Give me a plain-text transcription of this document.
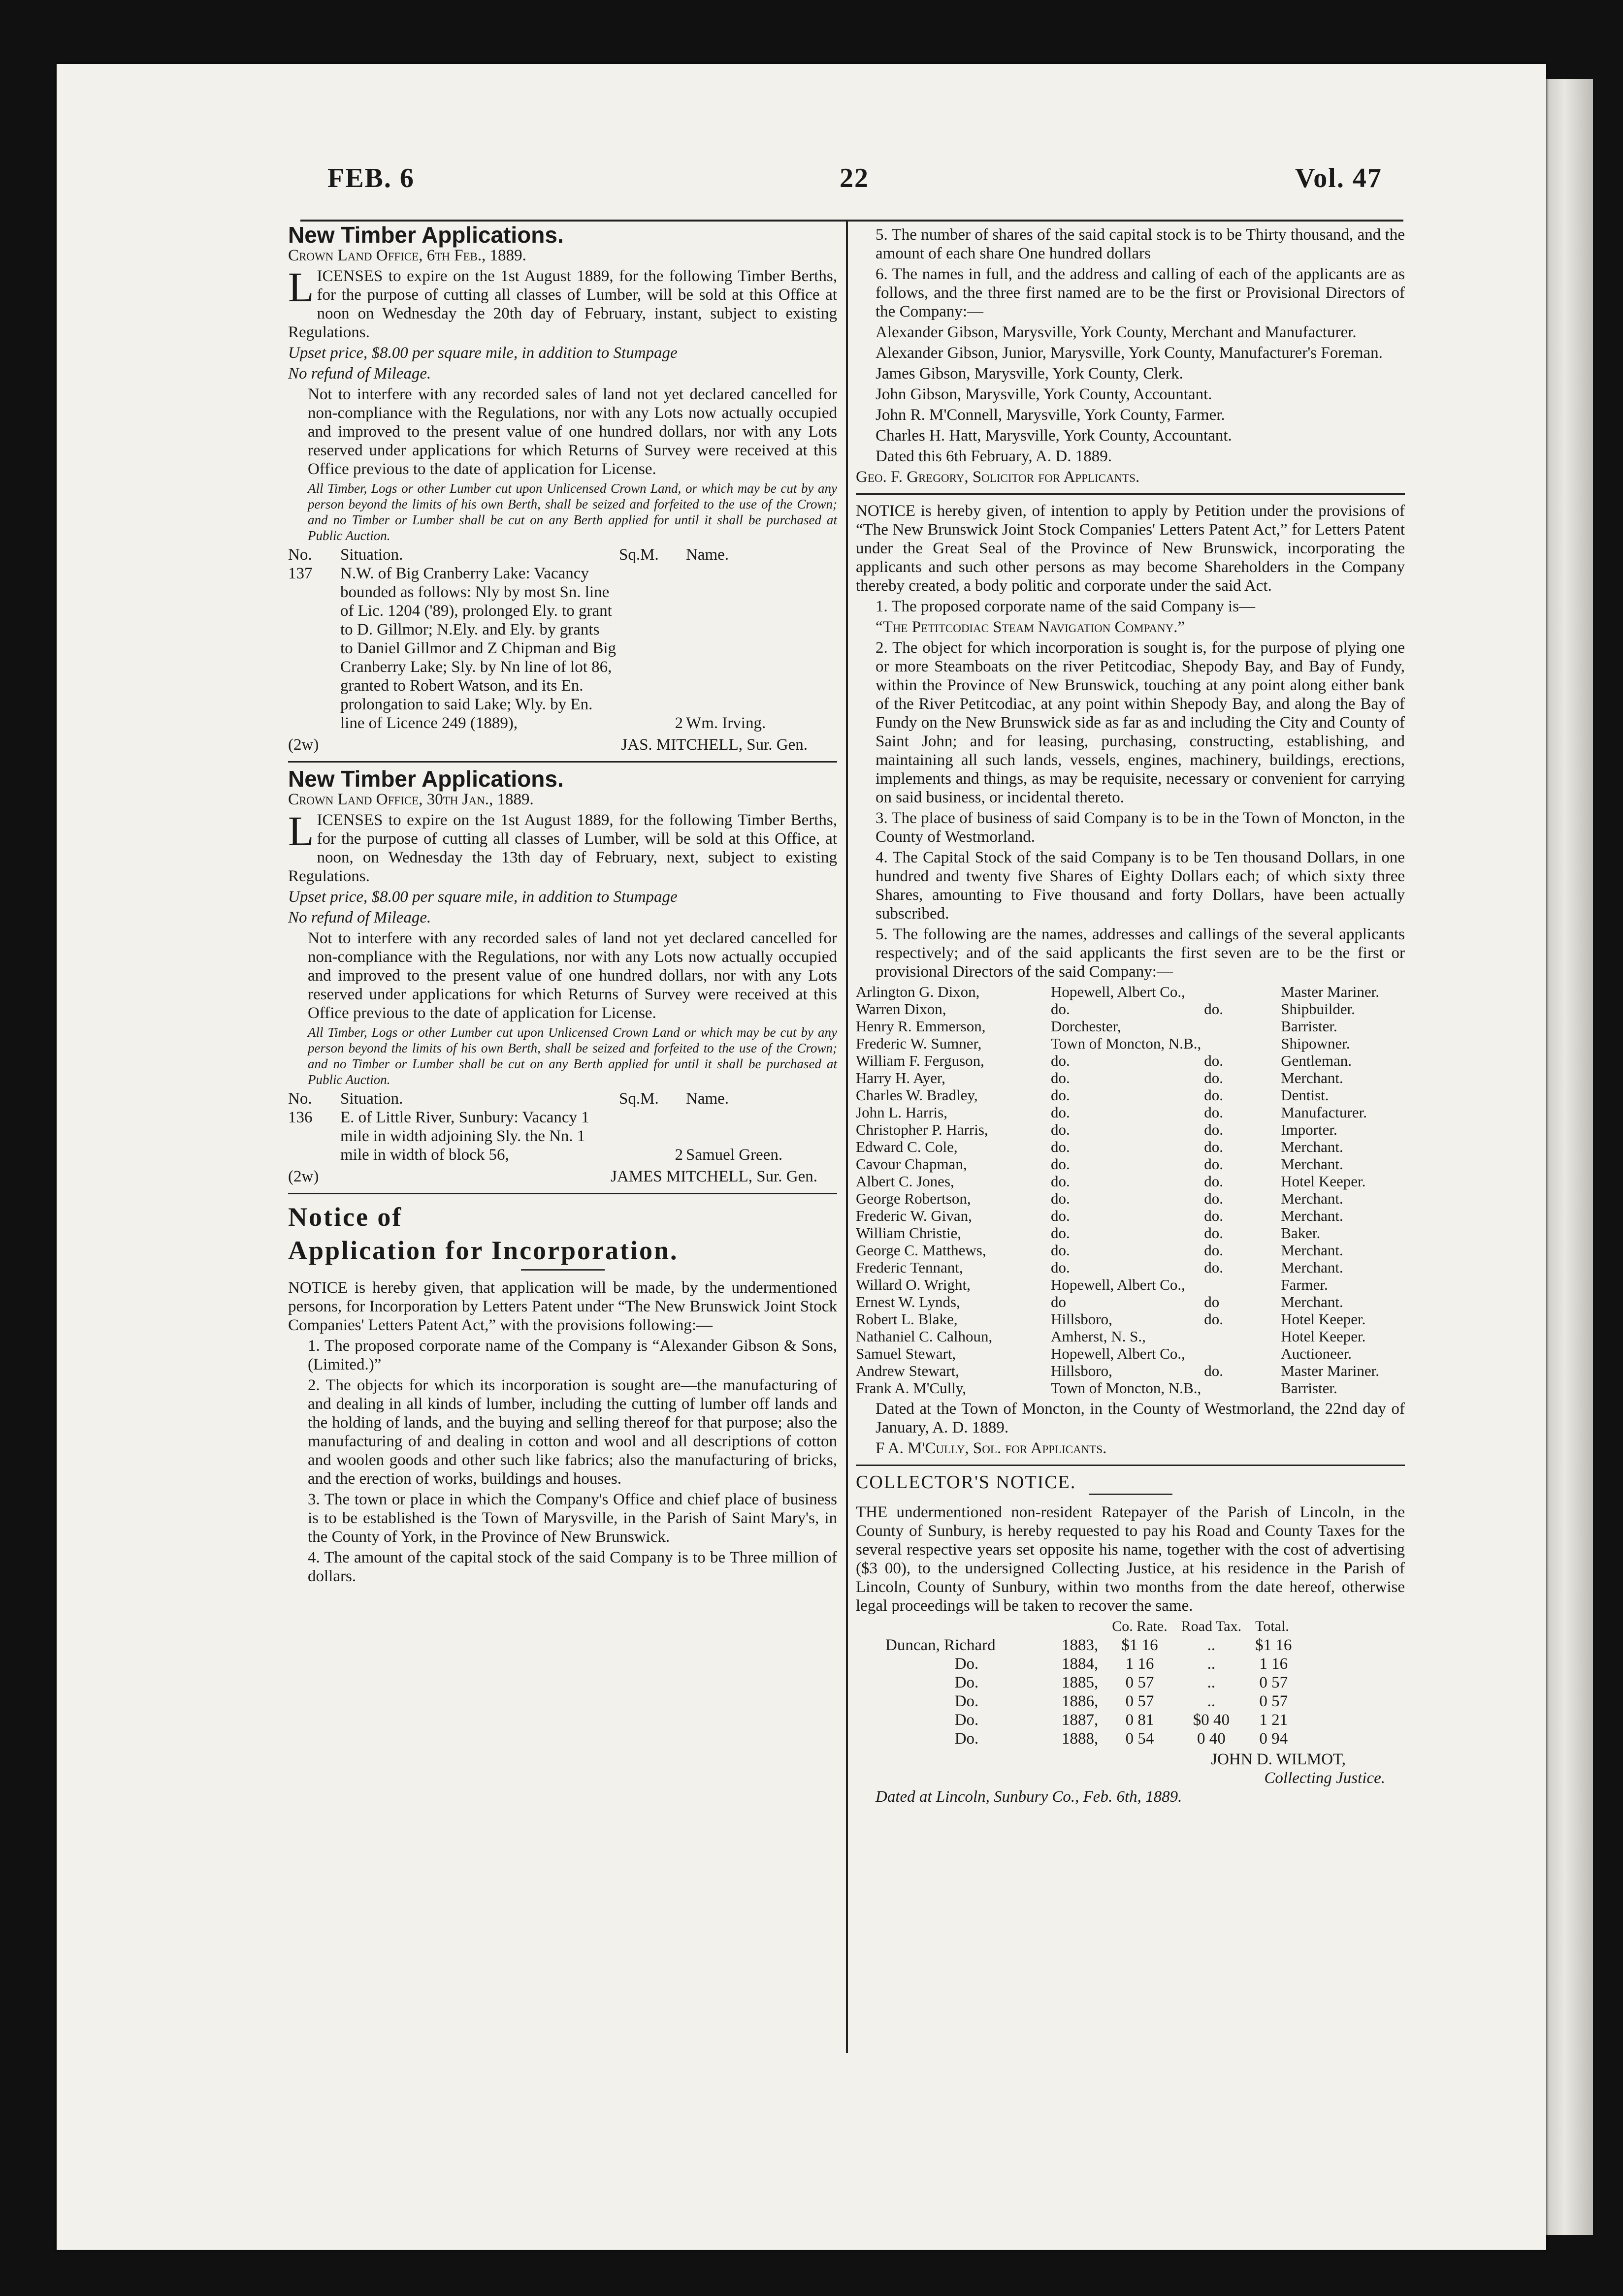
FEB. 6	22	Vol. 47

New Timber Applications.

Crown Land Office, 6th Feb., 1889.

LICENSES to expire on the 1st August 1889, for the following Timber Berths, for the purpose of cutting all classes of Lumber, will be sold at this Office at noon on Wednesday the 20th day of February, instant, subject to existing Regulations.

Upset price, $8.00 per square mile, in addition to Stumpage

No refund of Mileage.

Not to interfere with any recorded sales of land not yet declared cancelled for non-compliance with the Regulations, nor with any Lots now actually occupied and improved to the present value of one hundred dollars, nor with any Lots reserved under applications for which Returns of Survey were received at this Office previous to the date of application for License.

All Timber, Logs or other Lumber cut upon Unlicensed Crown Land, or which may be cut by any person beyond the limits of his own Berth, shall be seized and forfeited to the use of the Crown; and no Timber or Lumber shall be cut on any Berth applied for until it shall be purchased at Public Auction.

No.	Situation.	Sq.M.	Name.
137	N.W. of Big Cranberry Lake: Vacancy bounded as follows: Nly by most Sn. line of Lic. 1204 ('89), prolonged Ely. to grant to D. Gillmor; N.Ely. and Ely. by grants to Daniel Gillmor and Z Chipman and Big Cranberry Lake; Sly. by Nn line of lot 86, granted to Robert Watson, and its En. prolongation to said Lake; Wly. by En. line of Licence 249 (1889),	2	Wm. Irving.

(2w)	JAS. MITCHELL, Sur. Gen.

New Timber Applications.

Crown Land Office, 30th Jan., 1889.

LICENSES to expire on the 1st August 1889, for the following Timber Berths, for the purpose of cutting all classes of Lumber, will be sold at this Office, at noon, on Wednesday the 13th day of February, next, subject to existing Regulations.

Upset price, $8.00 per square mile, in addition to Stumpage

No refund of Mileage.

Not to interfere with any recorded sales of land not yet declared cancelled for non-compliance with the Regulations, nor with any Lots now actually occupied and improved to the present value of one hundred dollars, nor with any Lots reserved under applications for which Returns of Survey were received at this Office previous to the date of application for License.

All Timber, Logs or other Lumber cut upon Unlicensed Crown Land or which may be cut by any person beyond the limits of his own Berth, shall be seized and forfeited to the use of the Crown; and no Timber or Lumber shall be cut on any Berth applied for until it shall be purchased at Public Auction.

No.	Situation.	Sq.M.	Name.
136	E. of Little River, Sunbury: Vacancy 1 mile in width adjoining Sly. the Nn. 1 mile in width of block 56,	2	Samuel Green.

(2w)	JAMES MITCHELL, Sur. Gen.

Notice of

Application for Incorporation.

NOTICE is hereby given, that application will be made, by the undermentioned persons, for Incorporation by Letters Patent under “The New Brunswick Joint Stock Companies' Letters Patent Act,” with the provisions following:—

1. The proposed corporate name of the Company is “Alexander Gibson & Sons, (Limited.)”

2. The objects for which its incorporation is sought are—the manufacturing of and dealing in all kinds of lumber, including the cutting of lumber off lands and the holding of lands, and the buying and selling thereof for that purpose; also the manufacturing of and dealing in cotton and wool and all descriptions of cotton and woolen goods and other such like fabrics; also the manufacturing of bricks, and the erection of works, buildings and houses.

3. The town or place in which the Company's Office and chief place of business is to be established is the Town of Marysville, in the Parish of Saint Mary's, in the County of York, in the Province of New Brunswick.

4. The amount of the capital stock of the said Company is to be Three million of dollars.

5. The number of shares of the said capital stock is to be Thirty thousand, and the amount of each share One hundred dollars

6. The names in full, and the address and calling of each of the applicants are as follows, and the three first named are to be the first or Provisional Directors of the Company:—

Alexander Gibson, Marysville, York County, Merchant and Manufacturer.

Alexander Gibson, Junior, Marysville, York County, Manufacturer's Foreman.

James Gibson, Marysville, York County, Clerk.

John Gibson, Marysville, York County, Accountant.

John R. M'Connell, Marysville, York County, Farmer.

Charles H. Hatt, Marysville, York County, Accountant.

Dated this 6th February, A. D. 1889.

Geo. F. Gregory, Solicitor for Applicants.

NOTICE is hereby given, of intention to apply by Petition under the provisions of “The New Brunswick Joint Stock Companies' Letters Patent Act,” for Letters Patent under the Great Seal of the Province of New Brunswick, incorporating the applicants and such other persons as may become Shareholders in the Company thereby created, a body politic and corporate under the said Act.

1. The proposed corporate name of the said Company is—

“The Petitcodiac Steam Navigation Company.”

2. The object for which incorporation is sought is, for the purpose of plying one or more Steamboats on the river Petitcodiac, Shepody Bay, and Bay of Fundy, within the Province of New Brunswick, touching at any point along either bank of the River Petitcodiac, at any point within Shepody Bay, and along the Bay of Fundy on the New Brunswick side as far as and including the City and County of Saint John; and for leasing, purchasing, constructing, establishing, and maintaining all such lands, vessels, engines, machinery, buildings, erections, implements and things, as may be requisite, necessary or convenient for carrying on said business, or incidental thereto.

3. The place of business of said Company is to be in the Town of Moncton, in the County of Westmorland.

4. The Capital Stock of the said Company is to be Ten thousand Dollars, in one hundred and twenty five Shares of Eighty Dollars each; of which sixty three Shares, amounting to Five thousand and forty Dollars, have been actually subscribed.

5. The following are the names, addresses and callings of the several applicants respectively; and of the said applicants the first seven are to be the first or provisional Directors of the said Company:—

Arlington G. Dixon,	Hopewell, Albert Co.,		Master Mariner.
Warren Dixon,	do.	do.	Shipbuilder.
Henry R. Emmerson,	Dorchester,		Barrister.
Frederic W. Sumner,	Town of Moncton, N.B.,		Shipowner.
William F. Ferguson,	do.	do.	Gentleman.
Harry H. Ayer,	do.	do.	Merchant.
Charles W. Bradley,	do.	do.	Dentist.
John L. Harris,	do.	do.	Manufacturer.
Christopher P. Harris,	do.	do.	Importer.
Edward C. Cole,	do.	do.	Merchant.
Cavour Chapman,	do.	do.	Merchant.
Albert C. Jones,	do.	do.	Hotel Keeper.
George Robertson,	do.	do.	Merchant.
Frederic W. Givan,	do.	do.	Merchant.
William Christie,	do.	do.	Baker.
George C. Matthews,	do.	do.	Merchant.
Frederic Tennant,	do.	do.	Merchant.
Willard O. Wright,	Hopewell, Albert Co.,		Farmer.
Ernest W. Lynds,	do	do	Merchant.
Robert L. Blake,	Hillsboro,	do.	Hotel Keeper.
Nathaniel C. Calhoun,	Amherst, N. S.,		Hotel Keeper.
Samuel Stewart,	Hopewell, Albert Co.,		Auctioneer.
Andrew Stewart,	Hillsboro,	do.	Master Mariner.
Frank A. M'Cully,	Town of Moncton, N.B.,		Barrister.

Dated at the Town of Moncton, in the County of Westmorland, the 22nd day of January, A. D. 1889.

F A. M'Cully, Sol. for Applicants.

COLLECTOR'S NOTICE.

THE undermentioned non-resident Ratepayer of the Parish of Lincoln, in the County of Sunbury, is hereby requested to pay his Road and County Taxes for the several respective years set opposite his name, together with the cost of advertising ($3 00), to the undersigned Collecting Justice, at his residence in the Parish of Lincoln, County of Sunbury, within two months from the date hereof, otherwise legal proceedings will be taken to recover the same.

		Co. Rate.	Road Tax.	Total.
Duncan, Richard	1883,	$1 16	..	$1 16
Do.	1884,	1 16	..	1 16
Do.	1885,	0 57	..	0 57
Do.	1886,	0 57	..	0 57
Do.	1887,	0 81	$0 40	1 21
Do.	1888,	0 54	0 40	0 94

JOHN D. WILMOT,

Collecting Justice.

Dated at Lincoln, Sunbury Co., Feb. 6th, 1889.
